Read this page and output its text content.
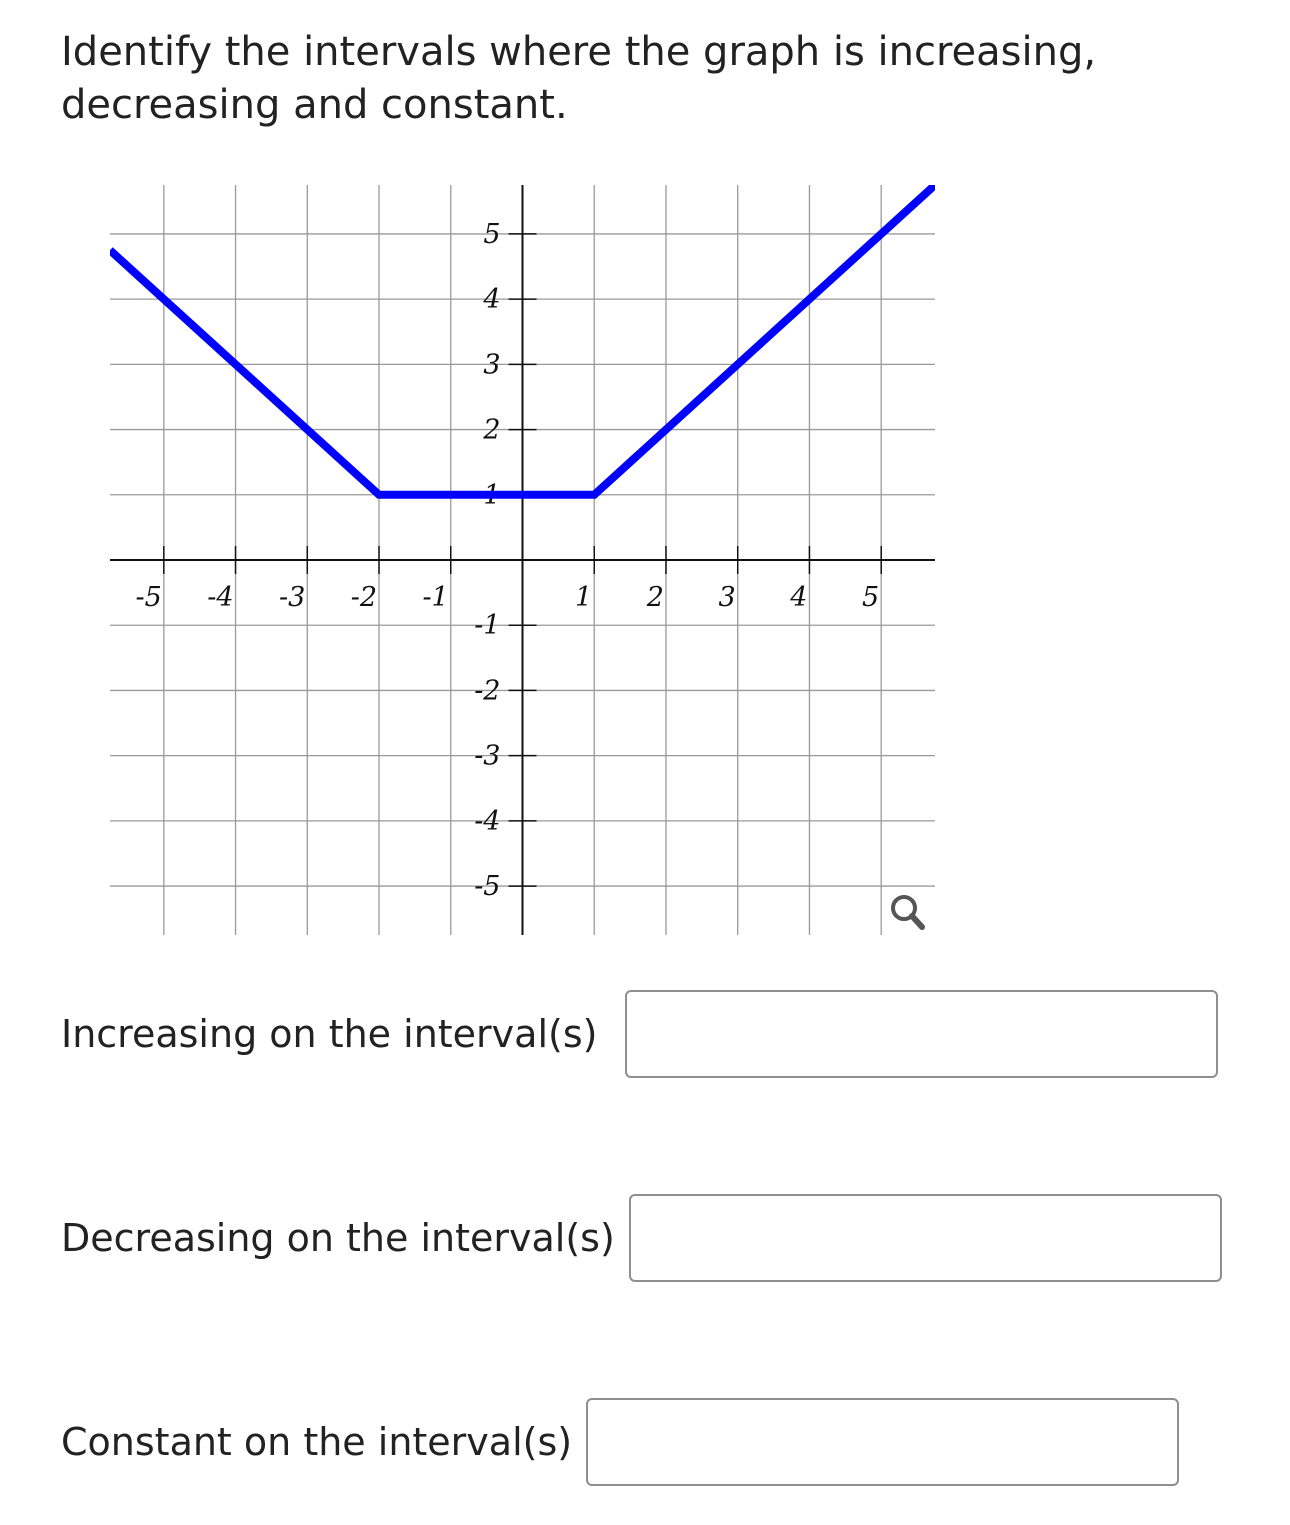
Identify the intervals where the graph is increasing, decreasing and constant.
-5 -4 -3 -2 -1	1 2 3 4 5
-5
-4
-3
-2
-1
1
2
3
4
5
Increasing on the interval(s)
Decreasing on the interval(s)
Constant on the interval(s)
